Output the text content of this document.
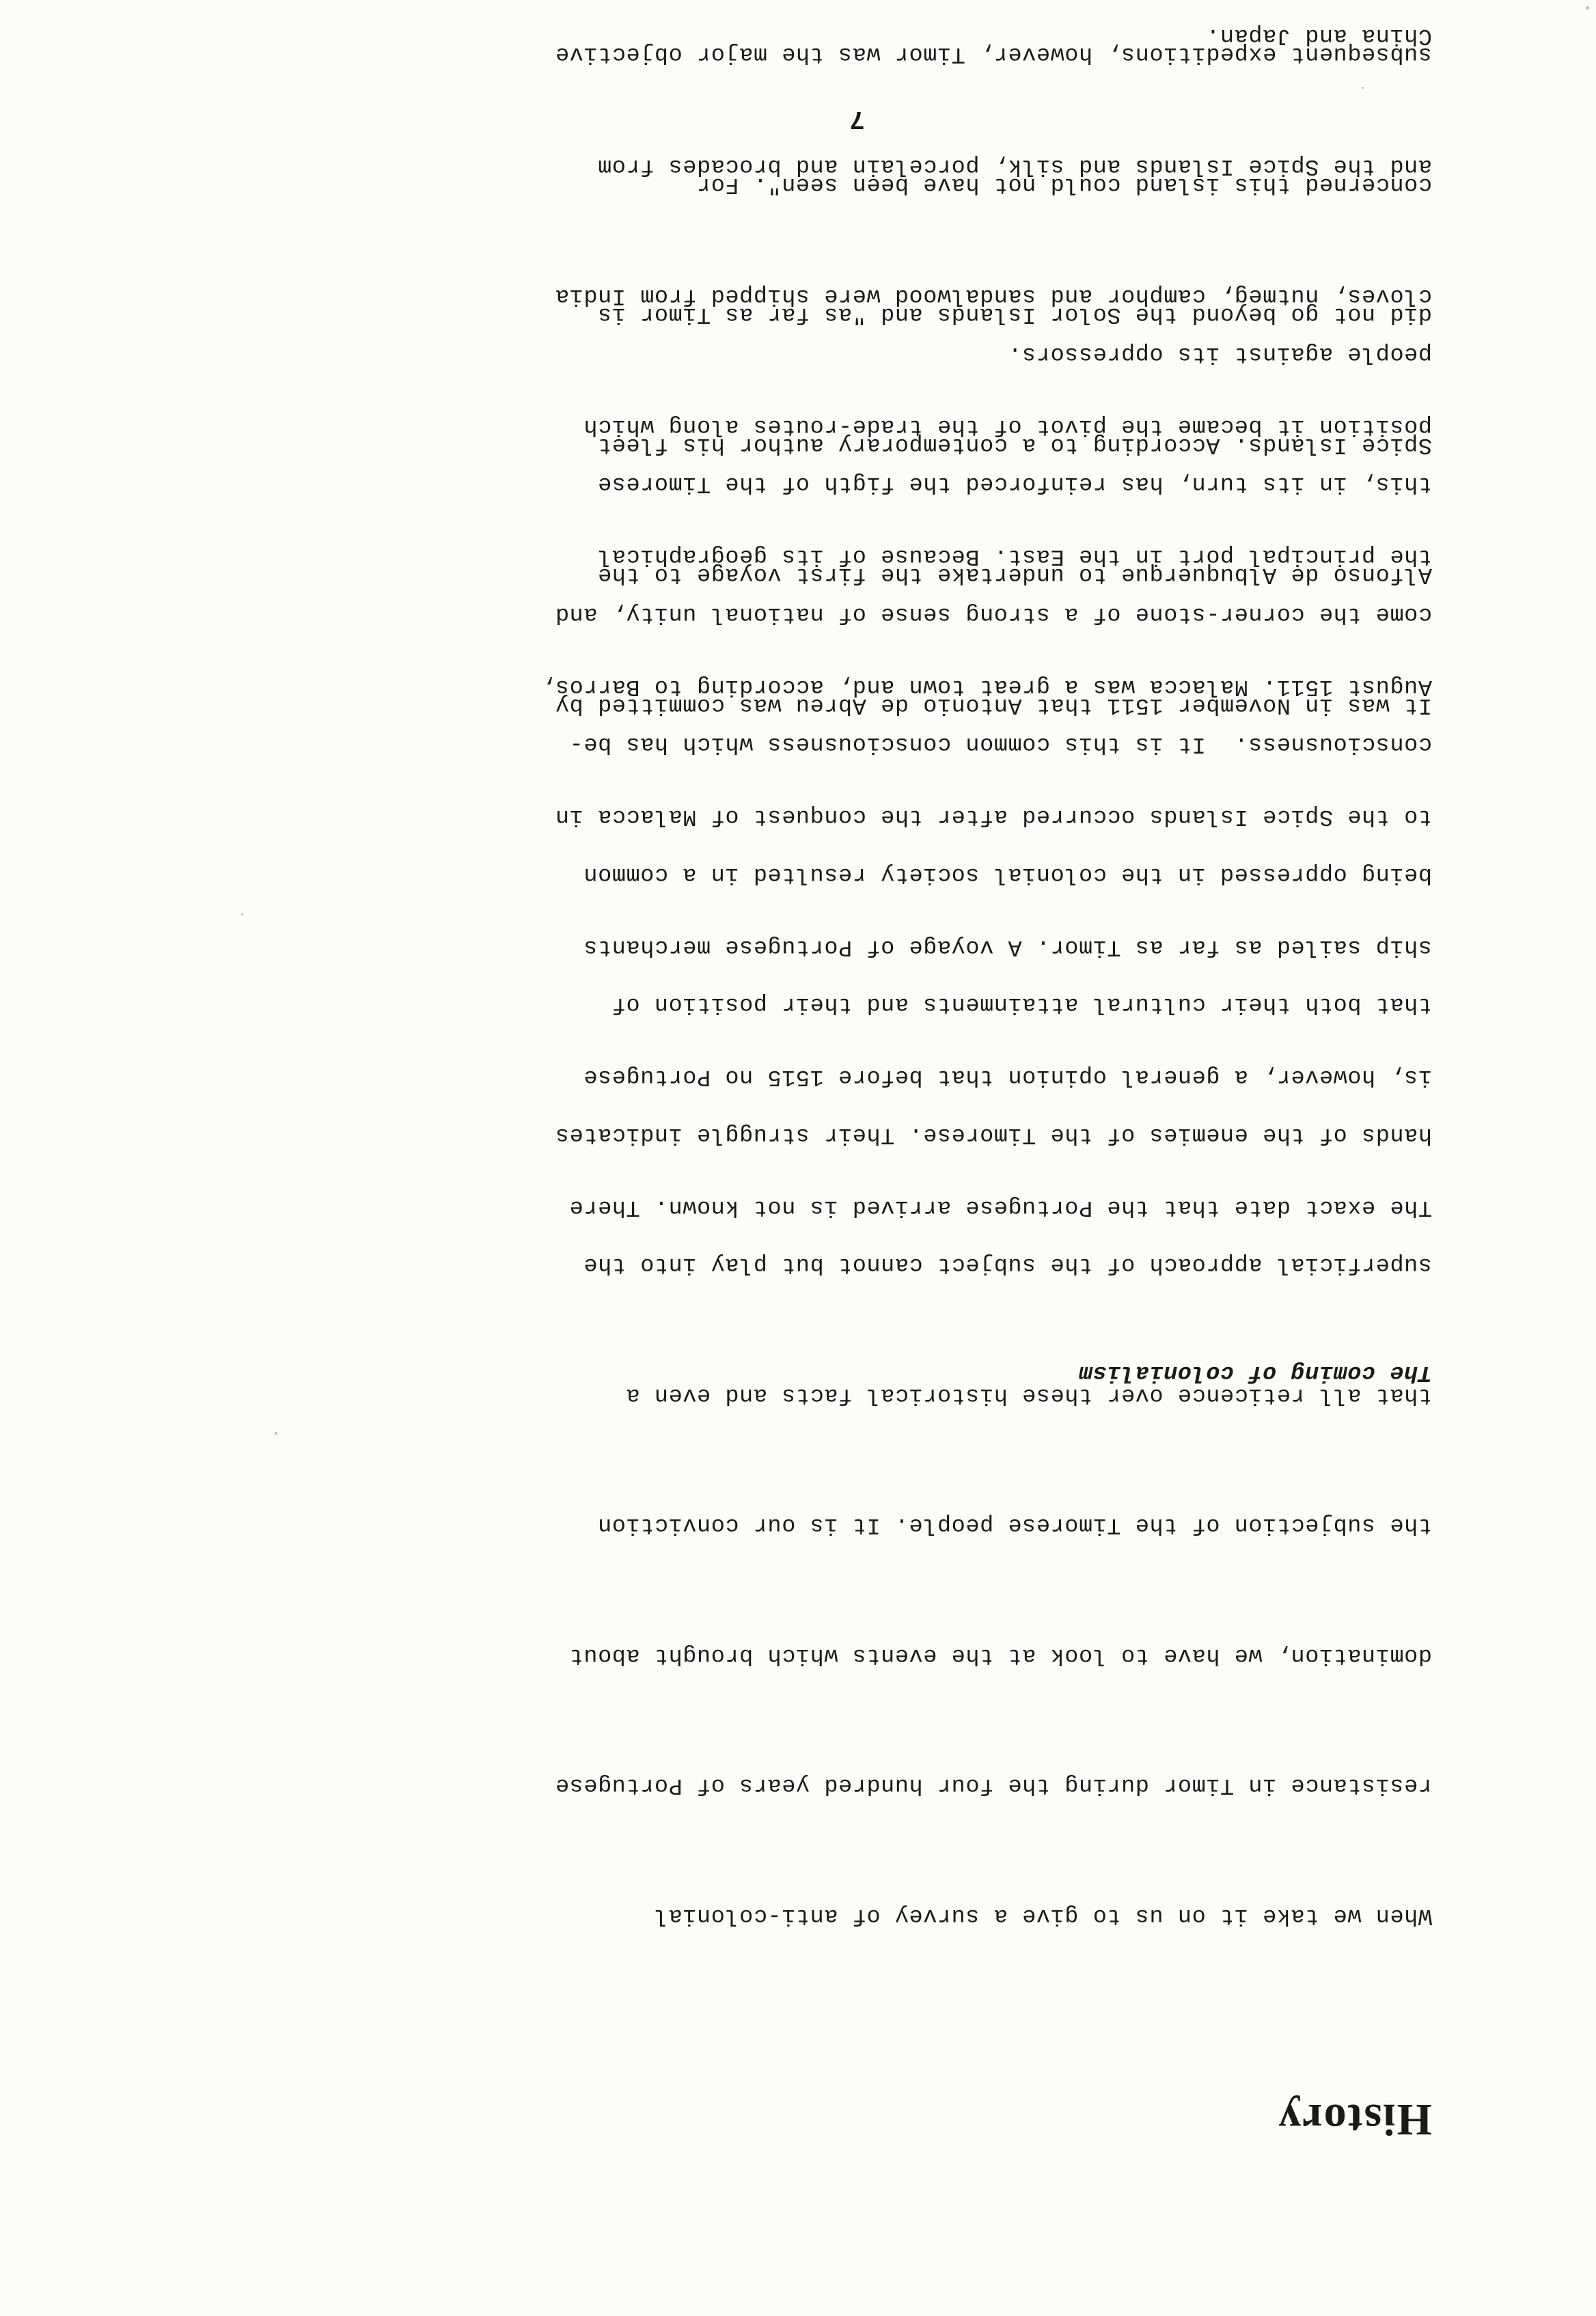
History

When we take it on us to give a survey of anti-colonial

resistance in Timor during the four hundred years of Portugese

domination, we have to look at the events which brought about

the subjection of the Timorese people. It is our conviction

that all reticence over these historical facts and even a

superficial approach of the subject cannot but play into the

hands of the enemies of the Timorese. Their struggle indicates

that both their cultural attainments and their position of

being oppressed in the colonial society resulted in a common

consciousness.  It is this common consciousness which has be-

come the corner-stone of a strong sense of national unity, and

this, in its turn, has reinforced the figth of the Timorese

people against its oppressors.

The coming of colonialism

The exact date that the Portugese arrived is not known. There

is, however, a general opinion that before 1515 no Portugese

ship sailed as far as Timor. A voyage of Portugese merchants

to the Spice Islands occurred after the conquest of Malacca in

August 1511. Malacca was a great town and, according to Barros,

the principal port in the East. Because of its geographical

position it became the pivot of the trade-routes along which

cloves, nutmeg, camphor and sandalwood were shipped from India

and the Spice Islands and silk, porcelain and brocades from

China and Japan.

It was in November 1511 that Antonio de Abreu was committed by

Alfonso de Albuquerque to undertake the first voyage to the

Spice Islands. According to a contemporary author his fleet

did not go beyond the Solor Islands and "as far as Timor is

concerned this island could not have been seen". For

subsequent expeditions, however, Timor was the major objective

7
